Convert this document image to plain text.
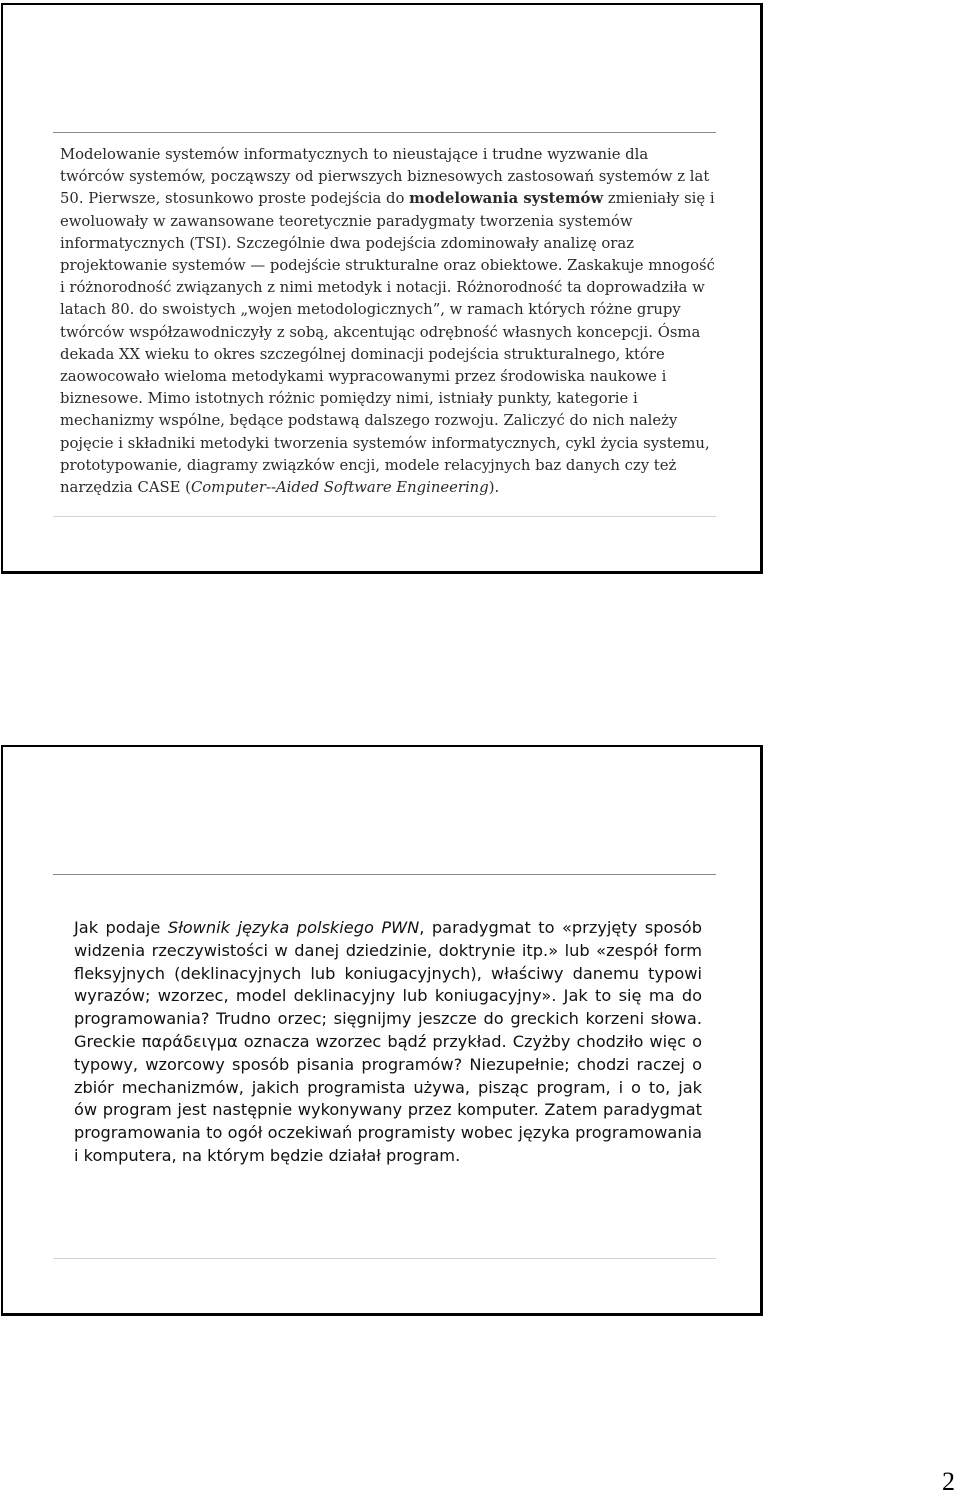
Modelowanie systemów informatycznych to nieustające i trudne wyzwanie dla twórców systemów, począwszy od pierwszych biznesowych zastosowań systemów z lat 50. Pierwsze, stosunkowo proste podejścia do modelowania systemów zmieniały się i ewoluowały w zawansowane teoretycznie paradygmaty tworzenia systemów informatycznych (TSI). Szczególnie dwa podejścia zdominowały analizę oraz projektowanie systemów — podejście strukturalne oraz obiektowe. Zaskakuje mnogość i różnorodność związanych z nimi metodyk i notacji. Różnorodność ta doprowadziła w latach 80. do swoistych „wojen metodologicznych”, w ramach których różne grupy twórców współzawodniczyły z sobą, akcentując odrębność własnych koncepcji. Ósma dekada XX wieku to okres szczególnej dominacji podejścia strukturalnego, które zaowocowało wieloma metodykami wypracowanymi przez środowiska naukowe i biznesowe. Mimo istotnych różnic pomiędzy nimi, istniały punkty, kategorie i mechanizmy wspólne, będące podstawą dalszego rozwoju. Zaliczyć do nich należy pojęcie i składniki metodyki tworzenia systemów informatycznych, cykl życia systemu, prototypowanie, diagramy związków encji, modele relacyjnych baz danych czy też narzędzia CASE (Computer--Aided Software Engineering).

Jak podaje Słownik języka polskiego PWN, paradygmat to «przyjęty sposób widzenia rzeczywistości w danej dziedzinie, doktrynie itp.» lub «zespół form fleksyjnych (deklinacyjnych lub koniugacyjnych), właściwy danemu typowi wyrazów; wzorzec, model deklinacyjny lub koniugacyjny». Jak to się ma do programowania? Trudno orzec; sięgnijmy jeszcze do greckich korzeni słowa. Greckie παράδειγμα oznacza wzorzec bądź przykład. Czyżby chodziło więc o typowy, wzorcowy sposób pisania programów? Niezupełnie; chodzi raczej o zbiór mechanizmów, jakich programista używa, pisząc program, i o to, jak ów program jest następnie wykonywany przez komputer. Zatem paradygmat programowania to ogół oczekiwań programisty wobec języka programowania i komputera, na którym będzie działał program.

2
